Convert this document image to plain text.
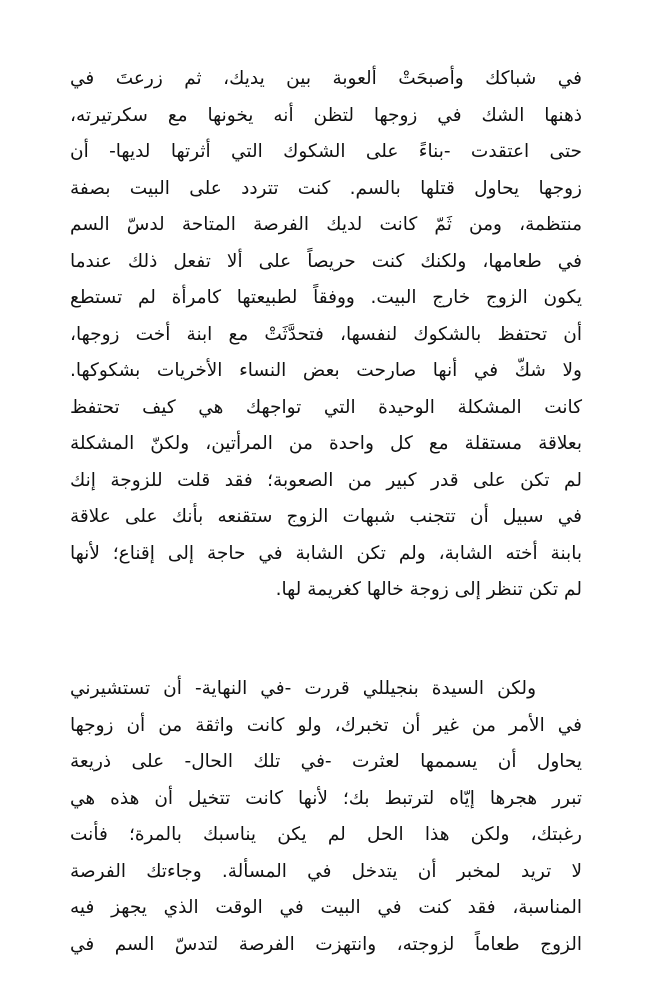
في شباكك وأصبحَتْ ألعوبة بين يديك، ثم زرعتَ في
ذهنها الشك في زوجها لتظن أنه يخونها مع سكرتيرته،
حتى اعتقدت -بناءً على الشكوك التي أثرتها لديها- أن
زوجها يحاول قتلها بالسم. كنت تتردد على البيت بصفة
منتظمة، ومن ثَمّ كانت لديك الفرصة المتاحة لدسّ السم
في طعامها، ولكنك كنت حريصاً على ألا تفعل ذلك عندما
يكون الزوج خارج البيت. ووفقاً لطبيعتها كامرأة لم تستطع
أن تحتفظ بالشكوك لنفسها، فتحدَّثَتْ مع ابنة أخت زوجها،
ولا شكّ في أنها صارحت بعض النساء الأخريات بشكوكها.
كانت المشكلة الوحيدة التي تواجهك هي كيف تحتفظ
بعلاقة مستقلة مع كل واحدة من المرأتين، ولكنّ المشكلة
لم تكن على قدر كبير من الصعوبة؛ فقد قلت للزوجة إنك
في سبيل أن تتجنب شبهات الزوج ستقنعه بأنك على علاقة
بابنة أخته الشابة، ولم تكن الشابة في حاجة إلى إقناع؛ لأنها
لم تكن تنظر إلى زوجة خالها كغريمة لها.
ولكن السيدة بنجيللي قررت -في النهاية- أن تستشيرني
في الأمر من غير أن تخبرك، ولو كانت واثقة من أن زوجها
يحاول أن يسممها لعثرت -في تلك الحال- على ذريعة
تبرر هجرها إيّاه لترتبط بك؛ لأنها كانت تتخيل أن هذه هي
رغبتك، ولكن هذا الحل لم يكن يناسبك بالمرة؛ فأنت
لا تريد لمخبر أن يتدخل في المسألة. وجاءتك الفرصة
المناسبة، فقد كنت في البيت في الوقت الذي يجهز فيه
الزوج طعاماً لزوجته، وانتهزت الفرصة لتدسّ السم في
